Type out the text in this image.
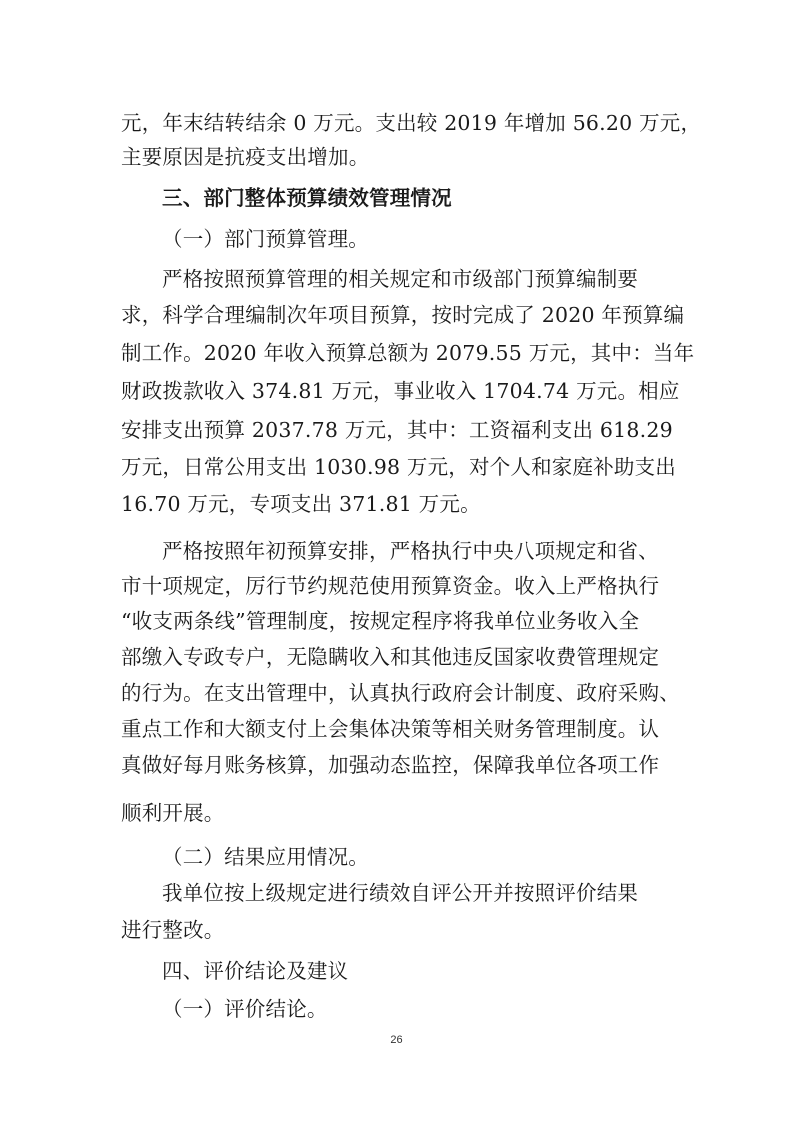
元，年末结转结余 0 万元。支出较 2019 年增加 56.20 万元，
主要原因是抗疫支出增加。
三、部门整体预算绩效管理情况
（一）部门预算管理。
严格按照预算管理的相关规定和市级部门预算编制要
求，科学合理编制次年项目预算，按时完成了 2020 年预算编
制工作。2020 年收入预算总额为 2079.55 万元，其中：当年
财政拨款收入 374.81 万元，事业收入 1704.74 万元。相应
安排支出预算 2037.78 万元，其中：工资福利支出 618.29
万元，日常公用支出 1030.98 万元，对个人和家庭补助支出
16.70 万元，专项支出 371.81 万元。
严格按照年初预算安排，严格执行中央八项规定和省、
市十项规定，厉行节约规范使用预算资金。收入上严格执行
“收支两条线”管理制度，按规定程序将我单位业务收入全
部缴入专政专户，无隐瞒收入和其他违反国家收费管理规定
的行为。在支出管理中，认真执行政府会计制度、政府采购、
重点工作和大额支付上会集体决策等相关财务管理制度。认
真做好每月账务核算，加强动态监控，保障我单位各项工作
顺利开展。
（二）结果应用情况。
我单位按上级规定进行绩效自评公开并按照评价结果
进行整改。
四、评价结论及建议
（一）评价结论。
26
